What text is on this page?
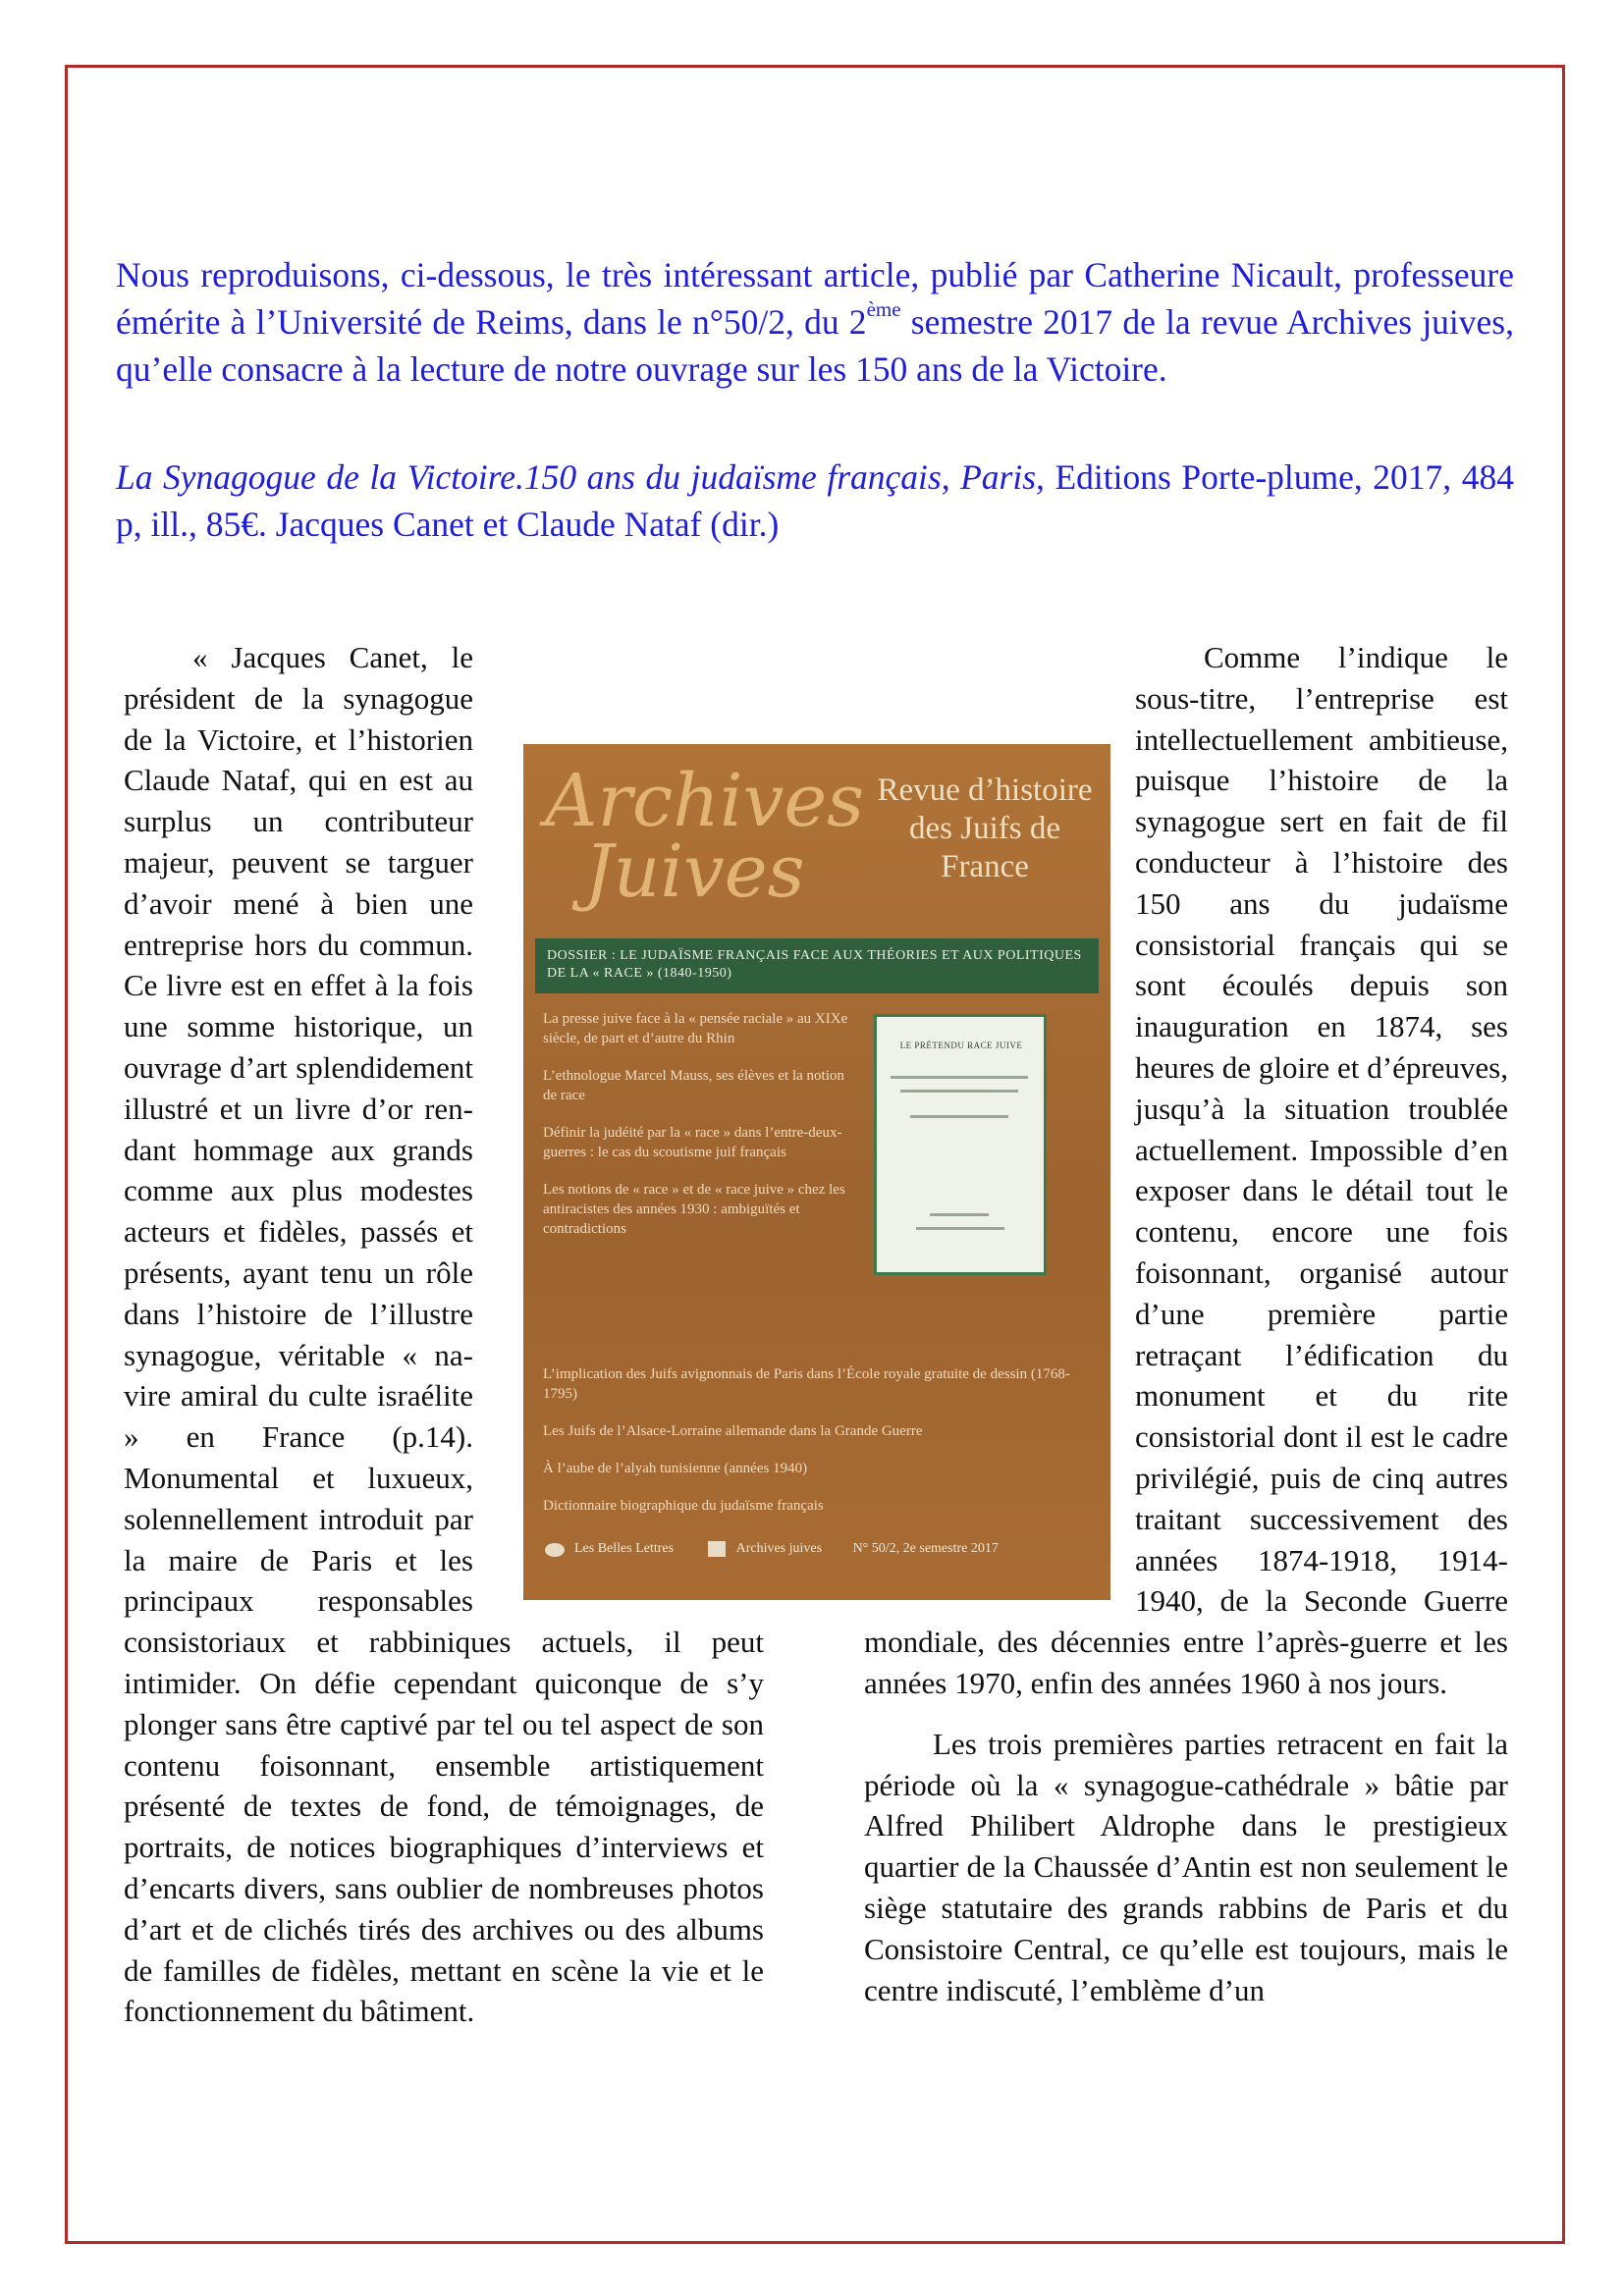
Nous reproduisons, ci-dessous, le très intéressant article, publié par Catherine Nicault, professeure émérite à l’Université de Reims, dans le n°50/2, du 2ème semestre 2017 de la revue Archives juives, qu’elle consacre à la lecture de notre ouvrage sur les 150 ans de la Victoire.

La Synagogue de la Victoire.150 ans du judaïsme français, Paris, Editions Porte-plume, 2017, 484 p, ill., 85€. Jacques Canet et Claude Nataf (dir.)

« Jacques Canet, le président de la synagogue de la Victoire, et l’historien Claude Nataf, qui en est au surplus un contributeur majeur, peuvent se targuer d’avoir mené à bien une entreprise hors du commun. Ce livre est en effet à la fois une somme historique, un ouvrage d’art splendidement illustré et un livre d’or rendant hommage aux grands comme aux plus modestes acteurs et fidèles, passés et présents, ayant tenu un rôle dans l’histoire de l’illustre synagogue, véritable « navire amiral du culte israélite » en France (p.14). Monumental et luxueux, solennellement introduit par la maire de Paris et les principaux responsables consistoriaux et rabbiniques actuels, il peut intimider. On défie cependant quiconque de s’y plonger sans être captivé par tel ou tel aspect de son contenu foisonnant, ensemble artistiquement présenté de textes de fond, de témoignages, de portraits, de notices biographiques d’interviews et d’encarts divers, sans oublier de nombreuses photos d’art et de clichés tirés des archives ou des albums de familles de fidèles, mettant en scène la vie et le fonctionnement du bâtiment.

Comme l’indique le sous-titre, l’entreprise est intellectuellement ambitieuse, puisque l’histoire de la synagogue sert en fait de fil conducteur à l’histoire des 150 ans du judaïsme consistorial français qui se sont écoulés depuis son inauguration en 1874, ses heures de gloire et d’épreuves, jusqu’à la situation troublée actuellement. Impossible d’en exposer dans le détail tout le contenu, encore une fois foisonnant, organisé autour d’une première partie retraçant l’édification du monument et du rite consistorial dont il est le cadre privilégié, puis de cinq autres traitant successivement des années 1874-1918, 1914-1940, de la Seconde Guerre mondiale, des décennies entre l’après-guerre et les années 1970, enfin des années 1960 à nos jours.

Les trois premières parties retracent en fait la période où la « synagogue-cathédrale » bâtie par Alfred Philibert Aldrophe dans le prestigieux quartier de la Chaussée d’Antin est non seulement le siège statutaire des grands rabbins de Paris et du Consistoire Central, ce qu’elle est toujours, mais le centre indiscuté, l’emblème d’un

Archives
Juives
Revue d’histoire des Juifs de France
DOSSIER : LE JUDAÏSME FRANÇAIS FACE AUX THÉORIES ET AUX POLITIQUES DE LA « RACE » (1840-1950)
La presse juive face à la « pensée raciale » au XIXe siècle, de part et d’autre du Rhin
L’ethnologue Marcel Mauss, ses élèves et la notion de race
Définir la judéité par la « race » dans l’entre-deux-guerres : le cas du scoutisme juif français
Les notions de « race » et de « race juive » chez les antiracistes des années 1930 : ambiguïtés et contradictions
LE PRÉTENDU RACE JUIVE
L’implication des Juifs avignonnais de Paris dans l’École royale gratuite de dessin (1768-1795)
Les Juifs de l’Alsace-Lorraine allemande dans la Grande Guerre
À l’aube de l’alyah tunisienne (années 1940)
Dictionnaire biographique du judaïsme français
Les Belles Lettres	Archives juives N° 50/2, 2e semestre 2017
